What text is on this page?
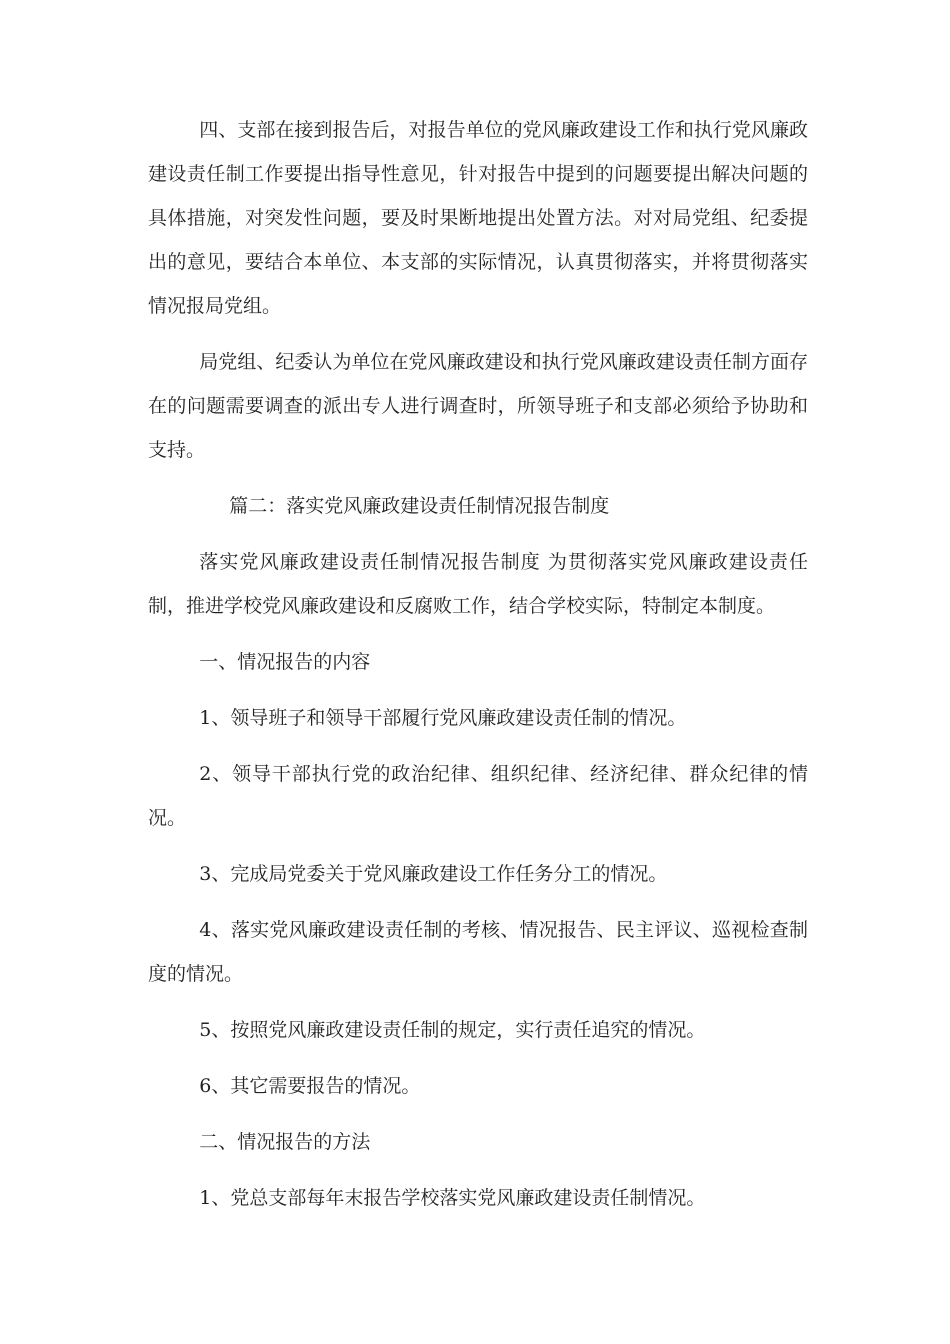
四、支部在接到报告后，对报告单位的党风廉政建设工作和执行党风廉政建设责任制工作要提出指导性意见，针对报告中提到的问题要提出解决问题的具体措施，对突发性问题，要及时果断地提出处置方法。对对局党组、纪委提出的意见，要结合本单位、本支部的实际情况，认真贯彻落实，并将贯彻落实情况报局党组。

局党组、纪委认为单位在党风廉政建设和执行党风廉政建设责任制方面存在的问题需要调查的派出专人进行调查时，所领导班子和支部必须给予协助和支持。

篇二：落实党风廉政建设责任制情况报告制度

落实党风廉政建设责任制情况报告制度 为贯彻落实党风廉政建设责任制，推进学校党风廉政建设和反腐败工作，结合学校实际，特制定本制度。

一、情况报告的内容

1、领导班子和领导干部履行党风廉政建设责任制的情况。

2、领导干部执行党的政治纪律、组织纪律、经济纪律、群众纪律的情况。

3、完成局党委关于党风廉政建设工作任务分工的情况。

4、落实党风廉政建设责任制的考核、情况报告、民主评议、巡视检查制度的情况。

5、按照党风廉政建设责任制的规定，实行责任追究的情况。

6、其它需要报告的情况。

二、情况报告的方法

1、党总支部每年末报告学校落实党风廉政建设责任制情况。
